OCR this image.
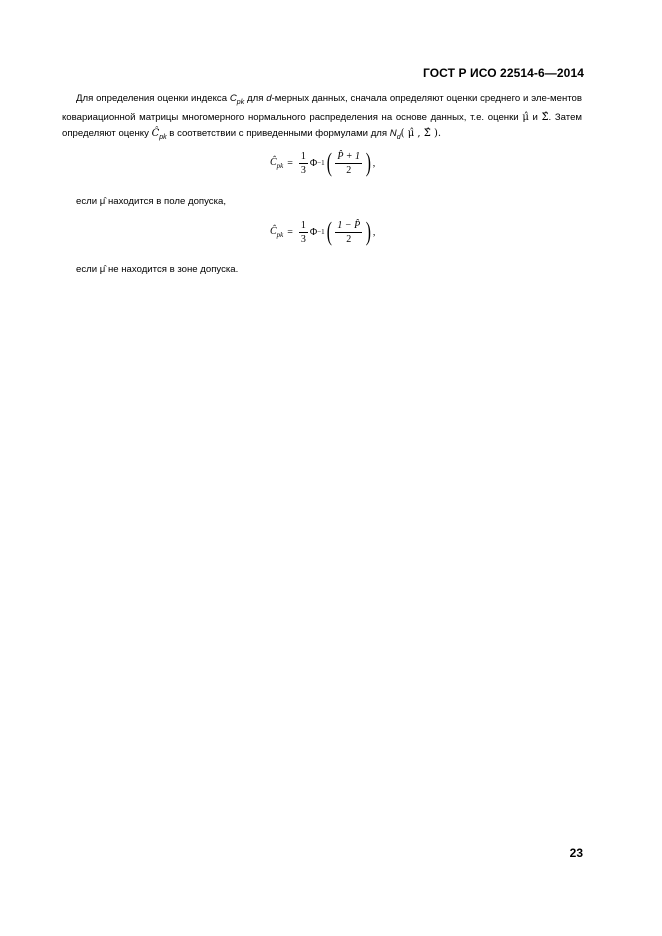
ГОСТ Р ИСО 22514-6—2014

Для определения оценки индекса $C_{pk}$ для d-мерных данных, сначала определяют оценки среднего и эле-ментов ковариационной матрицы многомерного нормального распределения на основе данных, т.е. оценки μ̂ и Σ̂. Затем определяют оценку $Ĉ_{pk}$ в соответствии с приведенными формулами для $N_d$( μ̂ , Σ̂ ).

$Ĉ_{pk} = \frac{1}{3}$ Φ −1 ( $\frac{P̂ + 1}{2}$ ) ,
если μ̂ находится в поле допуска,
$Ĉ_{pk} = \frac{1}{3}$ Φ −1 ( $\frac{1 - P̂}{2}$ ) ,
если μ̂ не находится в зоне допуска.
23
